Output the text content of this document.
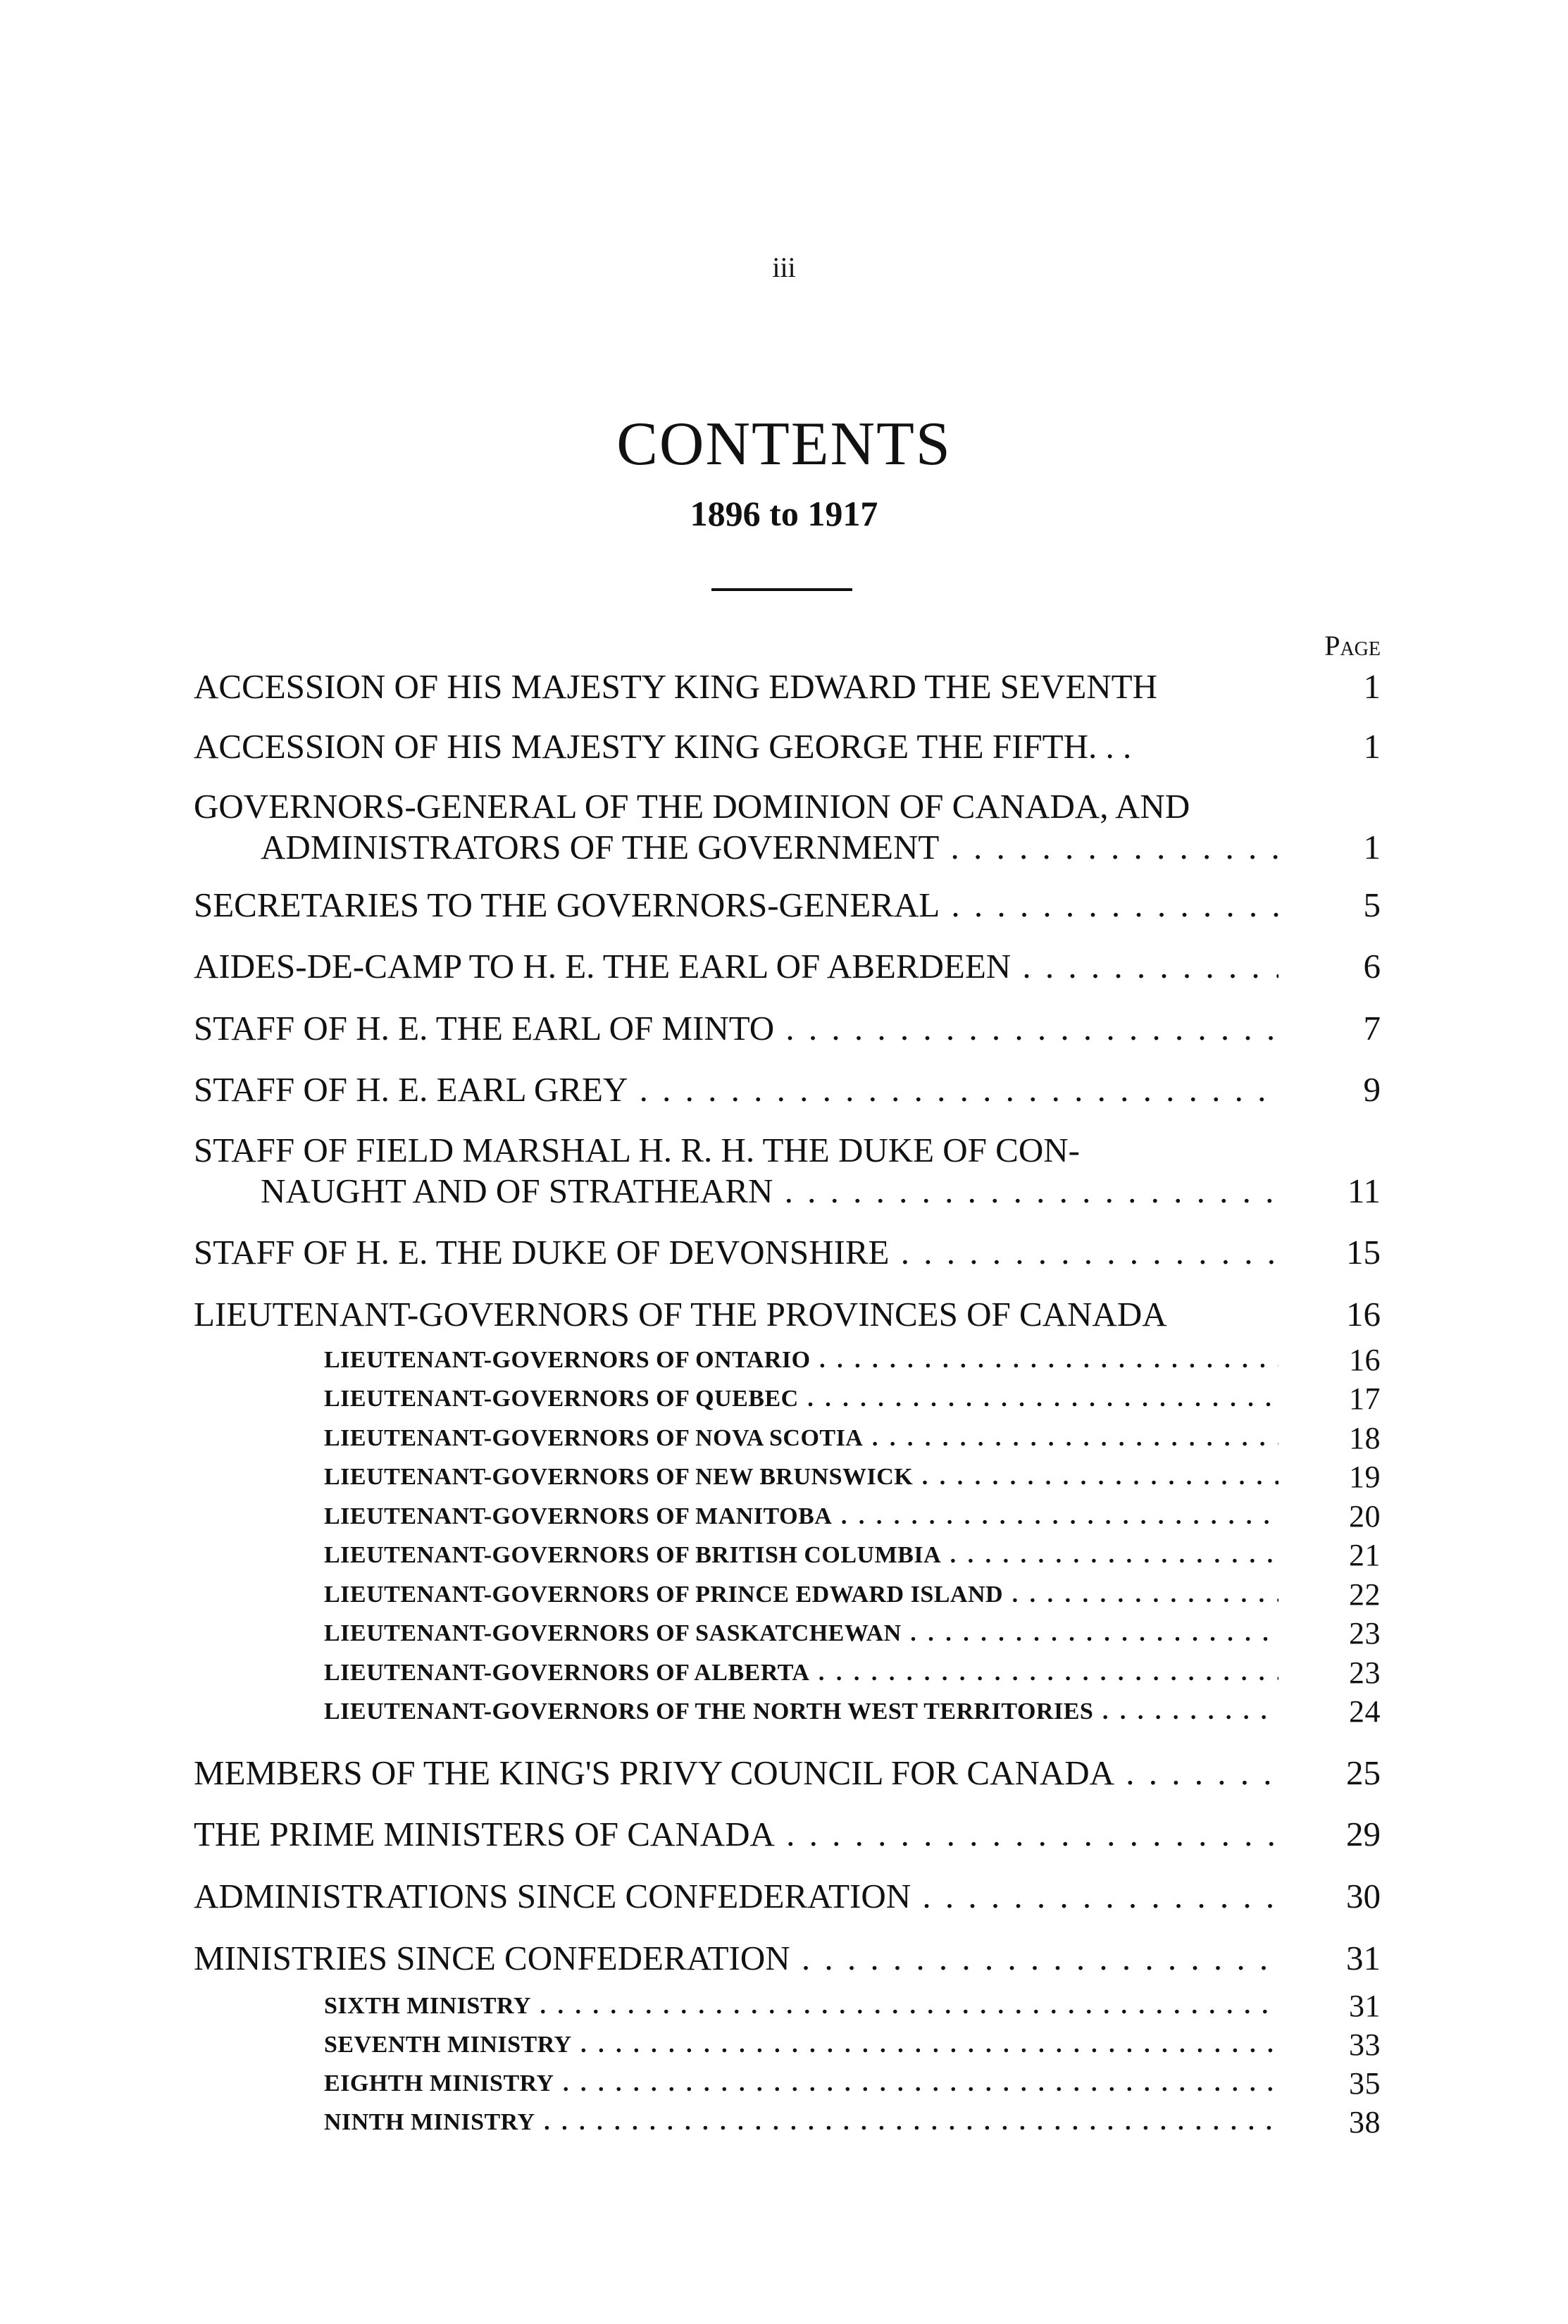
iii
CONTENTS
1896 to 1917
Page
ACCESSION OF HIS MAJESTY KING EDWARD THE SEVENTH	1
ACCESSION OF HIS MAJESTY KING GEORGE THE FIFTH. . .	1
GOVERNORS-GENERAL OF THE DOMINION OF CANADA, AND
ADMINISTRATORS OF THE GOVERNMENT . . .	1
SECRETARIES TO THE GOVERNORS-GENERAL . . .	5
AIDES-DE-CAMP TO H. E. THE EARL OF ABERDEEN . . .	6
STAFF OF H. E. THE EARL OF MINTO . . .	7
STAFF OF H. E. EARL GREY . . .	9
STAFF OF FIELD MARSHAL H. R. H. THE DUKE OF CON-
NAUGHT AND OF STRATHEARN . . .	11
STAFF OF H. E. THE DUKE OF DEVONSHIRE . . .	15
LIEUTENANT-GOVERNORS OF THE PROVINCES OF CANADA	16
LIEUTENANT-GOVERNORS OF ONTARIO . . .	16
LIEUTENANT-GOVERNORS OF QUEBEC . . .	17
LIEUTENANT-GOVERNORS OF NOVA SCOTIA . . .	18
LIEUTENANT-GOVERNORS OF NEW BRUNSWICK . . .	19
LIEUTENANT-GOVERNORS OF MANITOBA . . .	20
LIEUTENANT-GOVERNORS OF BRITISH COLUMBIA . . .	21
LIEUTENANT-GOVERNORS OF PRINCE EDWARD ISLAND . . .	22
LIEUTENANT-GOVERNORS OF SASKATCHEWAN . . .	23
LIEUTENANT-GOVERNORS OF ALBERTA . . .	23
LIEUTENANT-GOVERNORS OF THE NORTH WEST TERRITORIES . . .	24
MEMBERS OF THE KING'S PRIVY COUNCIL FOR CANADA . . .	25
THE PRIME MINISTERS OF CANADA . . .	29
ADMINISTRATIONS SINCE CONFEDERATION . . .	30
MINISTRIES SINCE CONFEDERATION . . .	31
SIXTH MINISTRY . . .	31
SEVENTH MINISTRY . . .	33
EIGHTH MINISTRY . . .	35
NINTH MINISTRY . . .	38
